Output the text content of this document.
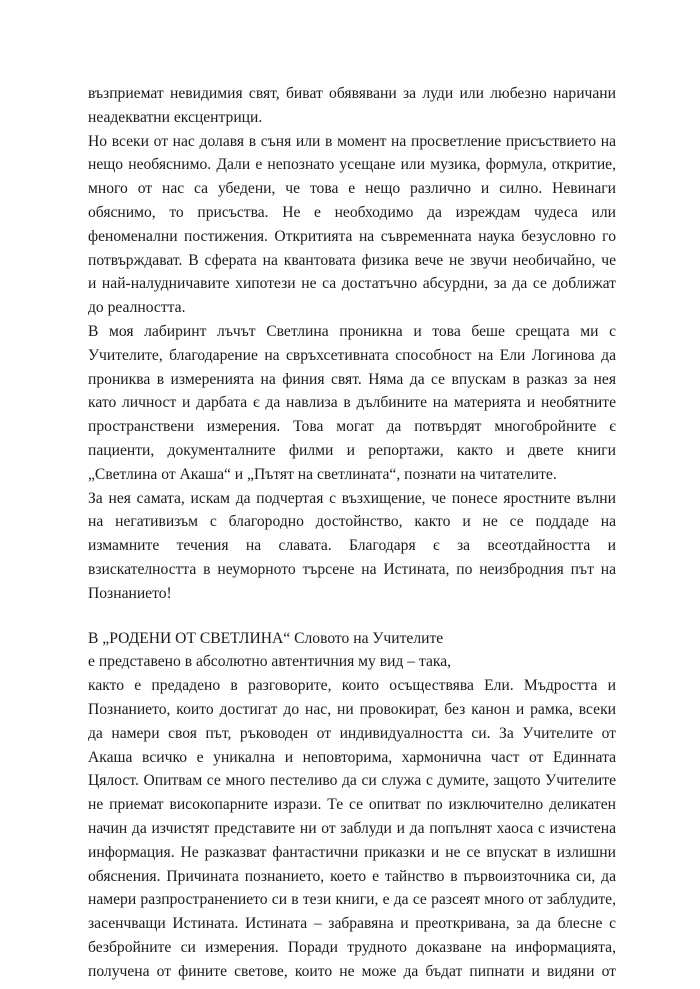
възприемат невидимия свят, биват обявявани за луди или любезно наричани
неадекватни ексцентрици.
Но всеки от нас долавя в съня или в момент на просветление присъствието на
нещо необяснимо. Дали е непознато усещане или музика, формула, откритие,
много от нас са убедени, че това е нещо различно и силно. Невинаги
обяснимо, то присъства. Не е необходимо да изреждам чудеса или
феноменални постижения. Откритията на съвременната наука безусловно го
потвърждават. В сферата на квантовата физика вече не звучи необичайно, че
и най-налудничавите хипотези не са достатъчно абсурдни, за да се доближат
до реалността.
В моя лабиринт лъчът Светлина проникна и това беше срещата ми с
Учителите, благодарение на свръхсетивната способност на Ели Логинова да
прониква в измеренията на финия свят. Няма да се впускам в разказ за нея
като личност и дарбата є да навлиза в дълбините на материята и необятните
пространствени измерения. Това могат да потвърдят многобройните є
пациенти, документалните филми и репортажи, както и двете книги
„Светлина от Акаша“ и „Пътят на светлината“, познати на читателите.
За нея самата, искам да подчертая с възхищение, че понесе яростните вълни
на негативизъм с благородно достойнство, както и не се поддаде на
измамните течения на славата. Благодаря є за всеотдайността и
взискателността в неуморното търсене на Истината, по неизбродния път на
Познанието!
В „РОДЕНИ ОТ СВЕТЛИНА“ Словото на Учителите
е представено в абсолютно автентичния му вид – така,
както е предадено в разговорите, които осъществява Ели. Мъдростта и
Познанието, които достигат до нас, ни провокират, без канон и рамка, всеки
да намери своя път, ръководен от индивидуалността си. За Учителите от
Акаша всичко е уникална и неповторима, хармонична част от Единната
Цялост. Опитвам се много пестеливо да си служа с думите, защото Учителите
не приемат високопарните изрази. Те се опитват по изключително деликатен
начин да изчистят представите ни от заблуди и да попълнят хаоса с изчистена
информация. Не разказват фантастични приказки и не се впускат в излишни
обяснения. Причината познанието, което е тайнство в първоизточника си, да
намери разпространението си в тези книги, е да се разсеят много от заблудите,
засенчващи Истината. Истината – забравяна и преоткривана, за да блесне с
безбройните си измерения. Поради трудното доказване на информацията,
получена от фините светове, които не може да бъдат пипнати и видяни от
